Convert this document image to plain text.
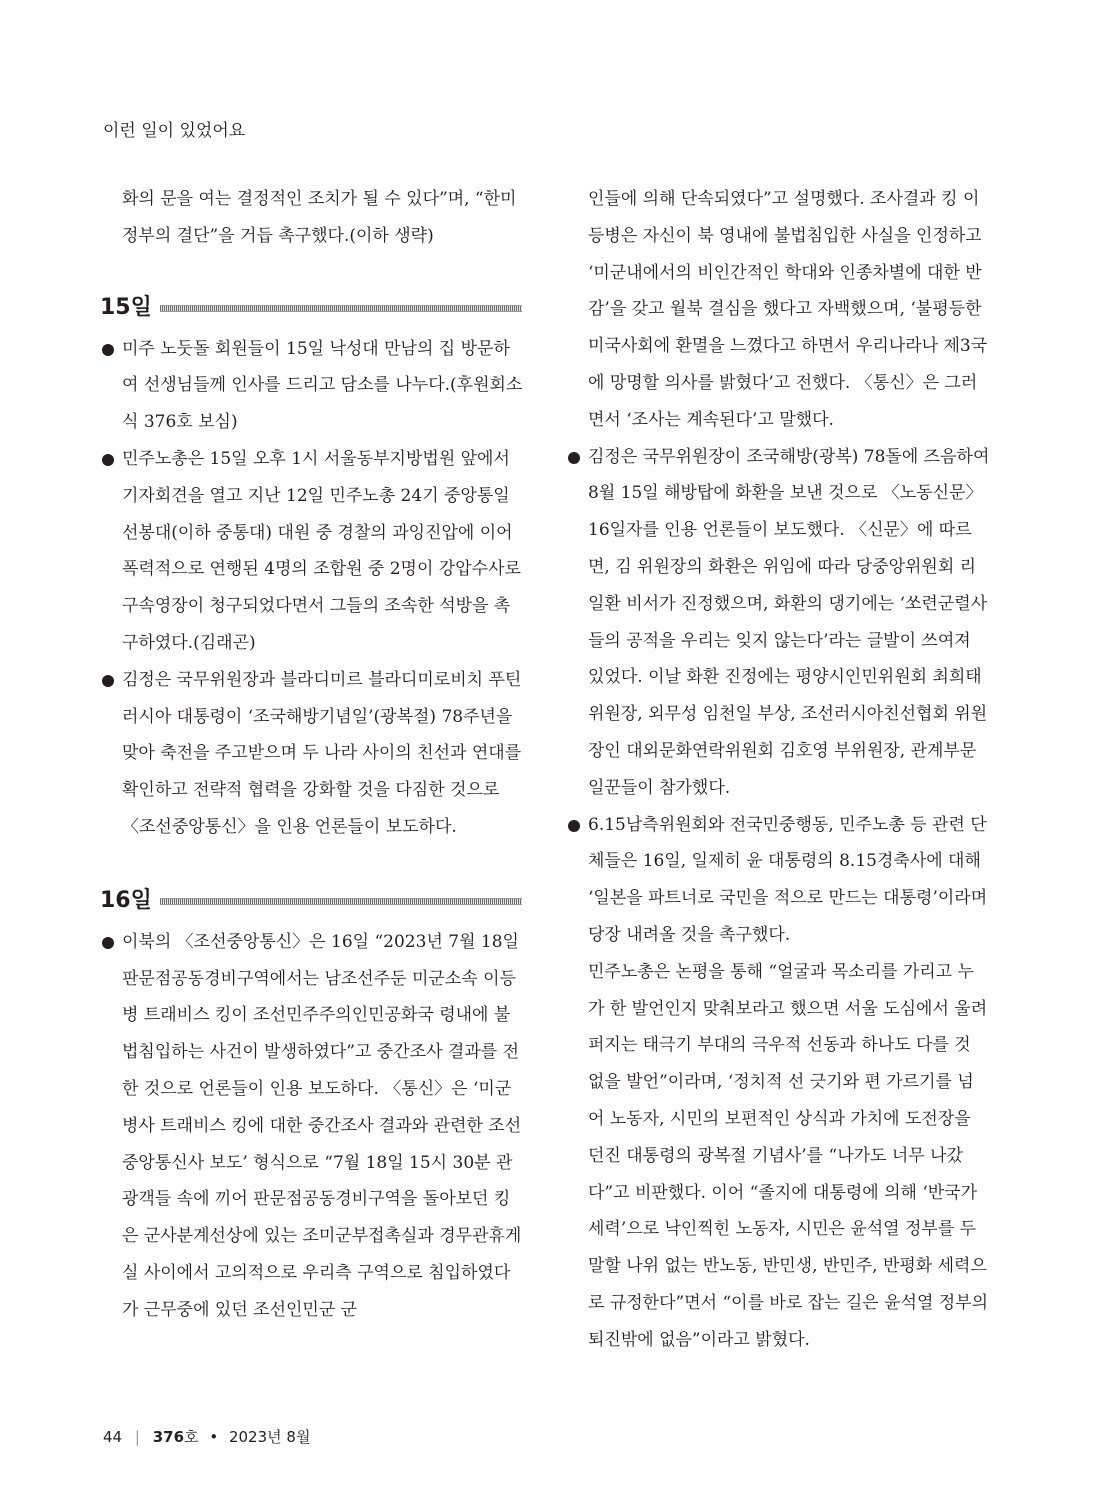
이런 일이 있었어요

화의 문을 여는 결정적인 조치가 될 수 있다”며, “한미 정부의 결단”을 거듭 촉구했다.(이하 생략)

15일
미주 노둣돌 회원들이 15일 낙성대 만남의 집 방문하여 선생님들께 인사를 드리고 담소를 나누다.(후원회소식 376호 보심)
민주노총은 15일 오후 1시 서울동부지방법원 앞에서 기자회견을 열고 지난 12일 민주노총 24기 중앙통일선봉대(이하 중통대) 대원 중 경찰의 과잉진압에 이어 폭력적으로 연행된 4명의 조합원 중 2명이 강압수사로 구속영장이 청구되었다면서 그들의 조속한 석방을 촉구하였다.(김래곤)
김정은 국무위원장과 블라디미르 블라디미로비치 푸틴 러시아 대통령이 ‘조국해방기념일’(광복절) 78주년을 맞아 축전을 주고받으며 두 나라 사이의 친선과 연대를 확인하고 전략적 협력을 강화할 것을 다짐한 것으로 〈조선중앙통신〉을 인용 언론들이 보도하다.
16일
이북의 〈조선중앙통신〉은 16일 “2023년 7월 18일 판문점공동경비구역에서는 남조선주둔 미군소속 이등병 트래비스 킹이 조선민주주의인민공화국 령내에 불법침입하는 사건이 발생하였다”고 중간조사 결과를 전한 것으로 언론들이 인용 보도하다. 〈통신〉은 ‘미군병사 트래비스 킹에 대한 중간조사 결과와 관련한 조선중앙통신사 보도’ 형식으로 “7월 18일 15시 30분 관광객들 속에 끼어 판문점공동경비구역을 돌아보던 킹은 군사분계선상에 있는 조미군부접촉실과 경무관휴게실 사이에서 고의적으로 우리측 구역으로 침입하였다가 근무중에 있던 조선인민군 군

인들에 의해 단속되였다”고 설명했다. 조사결과 킹 이등병은 자신이 북 영내에 불법침입한 사실을 인정하고 ‘미군내에서의 비인간적인 학대와 인종차별에 대한 반감’을 갖고 월북 결심을 했다고 자백했으며, ‘불평등한 미국사회에 환멸을 느꼈다고 하면서 우리나라나 제3국에 망명할 의사를 밝혔다’고 전했다. 〈통신〉은 그러면서 ‘조사는 계속된다’고 말했다.

김정은 국무위원장이 조국해방(광복) 78돌에 즈음하여 8월 15일 해방탑에 화환을 보낸 것으로 〈노동신문〉 16일자를 인용 언론들이 보도했다. 〈신문〉에 따르면, 김 위원장의 화환은 위임에 따라 당중앙위원회 리일환 비서가 진정했으며, 화환의 댕기에는 ‘쏘련군렬사들의 공적을 우리는 잊지 않는다’라는 글발이 쓰여져 있었다. 이날 화환 진정에는 평양시인민위원회 최희태 위원장, 외무성 임천일 부상, 조선러시아친선협회 위원장인 대외문화연락위원회 김호영 부위원장, 관계부문 일꾼들이 참가했다.
6.15남측위원회와 전국민중행동, 민주노총 등 관련 단체들은 16일, 일제히 윤 대통령의 8.15경축사에 대해 ‘일본을 파트너로 국민을 적으로 만드는 대통령’이라며 당장 내려올 것을 촉구했다.

민주노총은 논평을 통해 “얼굴과 목소리를 가리고 누가 한 발언인지 맞춰보라고 했으면 서울 도심에서 울려 퍼지는 태극기 부대의 극우적 선동과 하나도 다를 것 없을 발언”이라며, ‘정치적 선 긋기와 편 가르기를 넘어 노동자, 시민의 보편적인 상식과 가치에 도전장을 던진 대통령의 광복절 기념사’를 “나가도 너무 나갔다”고 비판했다. 이어 “졸지에 대통령에 의해 ‘반국가세력’으로 낙인찍힌 노동자, 시민은 윤석열 정부를 두말할 나위 없는 반노동, 반민생, 반민주, 반평화 세력으로 규정한다”면서 “이를 바로 잡는 길은 윤석열 정부의 퇴진밖에 없음”이라고 밝혔다.

44 | 376호 • 2023년 8월
